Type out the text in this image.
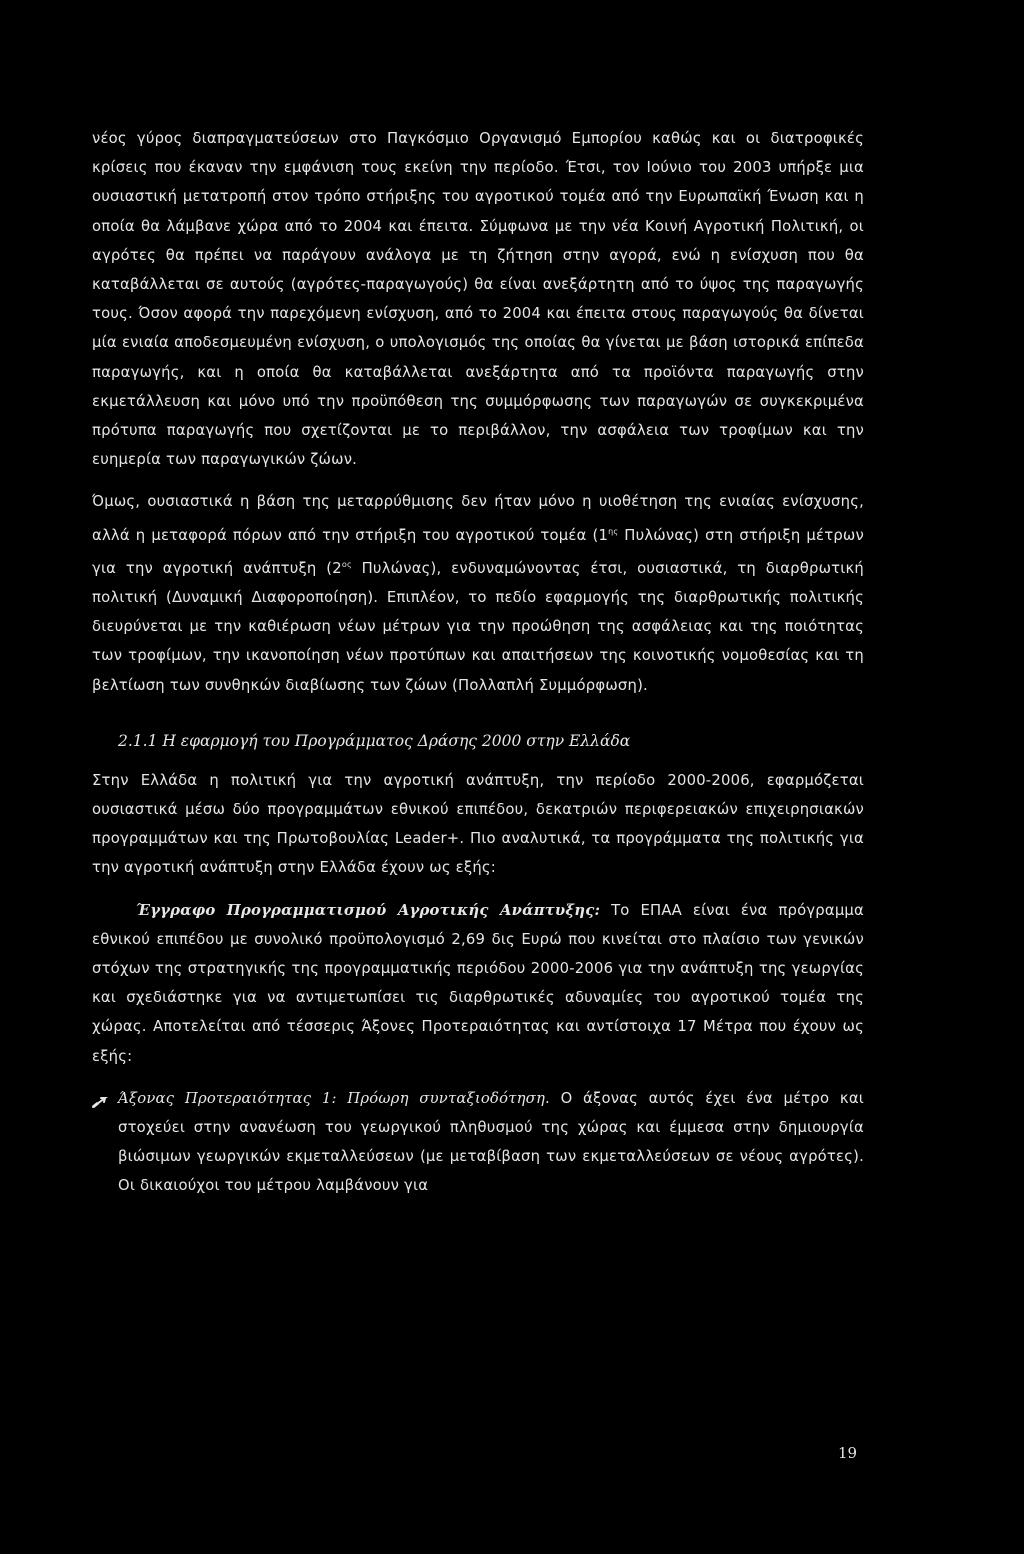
νέος γύρος διαπραγματεύσεων στο Παγκόσμιο Οργανισμό Εμπορίου καθώς και οι διατροφικές κρίσεις που έκαναν την εμφάνιση τους εκείνη την περίοδο. Έτσι, τον Ιούνιο του 2003 υπήρξε μια ουσιαστική μετατροπή στον τρόπο στήριξης του αγροτικού τομέα από την Ευρωπαϊκή Ένωση και η οποία θα λάμβανε χώρα από το 2004 και έπειτα. Σύμφωνα με την νέα Κοινή Αγροτική Πολιτική, οι αγρότες θα πρέπει να παράγουν ανάλογα με τη ζήτηση στην αγορά, ενώ η ενίσχυση που θα καταβάλλεται σε αυτούς (αγρότες-παραγωγούς) θα είναι ανεξάρτητη από το ύψος της παραγωγής τους. Όσον αφορά την παρεχόμενη ενίσχυση, από το 2004 και έπειτα στους παραγωγούς θα δίνεται μία ενιαία αποδεσμευμένη ενίσχυση, ο υπολογισμός της οποίας θα γίνεται με βάση ιστορικά επίπεδα παραγωγής, και η οποία θα καταβάλλεται ανεξάρτητα από τα προϊόντα παραγωγής στην εκμετάλλευση και μόνο υπό την προϋπόθεση της συμμόρφωσης των παραγωγών σε συγκεκριμένα πρότυπα παραγωγής που σχετίζονται με το περιβάλλον, την ασφάλεια των τροφίμων και την ευημερία των παραγωγικών ζώων.

Όμως, ουσιαστικά η βάση της μεταρρύθμισης δεν ήταν μόνο η υιοθέτηση της ενιαίας ενίσχυσης, αλλά η μεταφορά πόρων από την στήριξη του αγροτικού τομέα ($1^{\eta\varsigma}$ Πυλώνας) στη στήριξη μέτρων για την αγροτική ανάπτυξη ($2^{o\varsigma}$ Πυλώνας), ενδυναμώνοντας έτσι, ουσιαστικά, τη διαρθρωτική πολιτική (Δυναμική Διαφοροποίηση). Επιπλέον, το πεδίο εφαρμογής της διαρθρωτικής πολιτικής διευρύνεται με την καθιέρωση νέων μέτρων για την προώθηση της ασφάλειας και της ποιότητας των τροφίμων, την ικανοποίηση νέων προτύπων και απαιτήσεων της κοινοτικής νομοθεσίας και τη βελτίωση των συνθηκών διαβίωσης των ζώων (Πολλαπλή Συμμόρφωση).

2.1.1 Η εφαρμογή του Προγράμματος Δράσης 2000 στην Ελλάδα

Στην Ελλάδα η πολιτική για την αγροτική ανάπτυξη, την περίοδο 2000-2006, εφαρμόζεται ουσιαστικά μέσω δύο προγραμμάτων εθνικού επιπέδου, δεκατριών περιφερειακών επιχειρησιακών προγραμμάτων και της Πρωτοβουλίας Leader+. Πιο αναλυτικά, τα προγράμματα της πολιτικής για την αγροτική ανάπτυξη στην Ελλάδα έχουν ως εξής:

Έγγραφο Προγραμματισμού Αγροτικής Ανάπτυξης: Το ΕΠΑΑ είναι ένα πρόγραμμα εθνικού επιπέδου με συνολικό προϋπολογισμό 2,69 δις Ευρώ που κινείται στο πλαίσιο των γενικών στόχων της στρατηγικής της προγραμματικής περιόδου 2000-2006 για την ανάπτυξη της γεωργίας και σχεδιάστηκε για να αντιμετωπίσει τις διαρθρωτικές αδυναμίες του αγροτικού τομέα της χώρας. Αποτελείται από τέσσερις Άξονες Προτεραιότητας και αντίστοιχα 17 Μέτρα που έχουν ως εξής:

Άξονας Προτεραιότητας 1: Πρόωρη συνταξιοδότηση. Ο άξονας αυτός έχει ένα μέτρο και στοχεύει στην ανανέωση του γεωργικού πληθυσμού της χώρας και έμμεσα στην δημιουργία βιώσιμων γεωργικών εκμεταλλεύσεων (με μεταβίβαση των εκμεταλλεύσεων σε νέους αγρότες). Οι δικαιούχοι του μέτρου λαμβάνουν για

19
